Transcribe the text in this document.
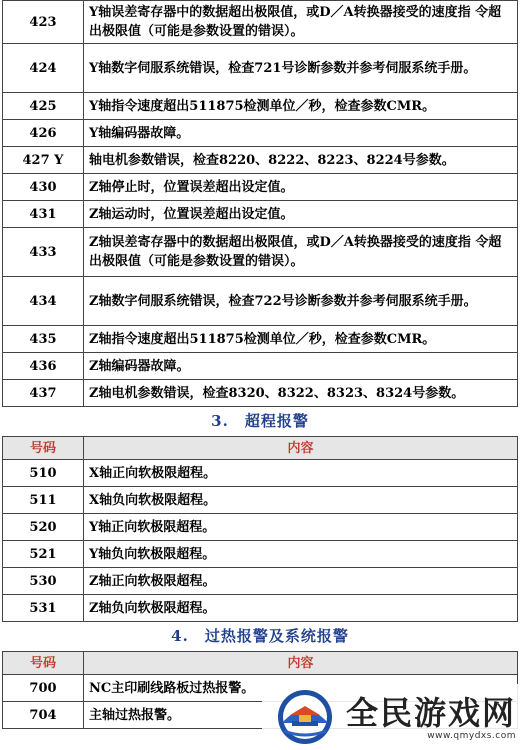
423	Y轴误差寄存器中的数据超出极限值，或D／A转换器接受的速度指 令超出极限值（可能是参数设置的错误）。
424	Y轴数字伺服系统错误，检查721号诊断参数并参考伺服系统手册。
425	Y轴指令速度超出511875检测单位／秒，检查参数CMR。
426	Y轴编码器故障。
427 Y	轴电机参数错误，检查8220、8222、8223、8224号参数。
430	Z轴停止时，位置误差超出设定值。
431	Z轴运动时，位置误差超出设定值。
433	Z轴误差寄存器中的数据超出极限值，或D／A转换器接受的速度指 令超出极限值（可能是参数设置的错误）。
434	Z轴数字伺服系统错误，检查722号诊断参数并参考伺服系统手册。
435	Z轴指令速度超出511875检测单位／秒，检查参数CMR。
436	Z轴编码器故障。
437	Z轴电机参数错误，检查8320、8322、8323、8324号参数。
3.　超程报警	
号码	内容
510	X轴正向软极限超程。
511	X轴负向软极限超程。
520	Y轴正向软极限超程。
521	Y轴负向软极限超程。
530	Z轴正向软极限超程。
531	Z轴负向软极限超程。
4.　过热报警及系统报警	
号码	内容
700	NC主印刷线路板过热报警。
704	主轴过热报警。	全民游戏网
www.qmydxs.com
